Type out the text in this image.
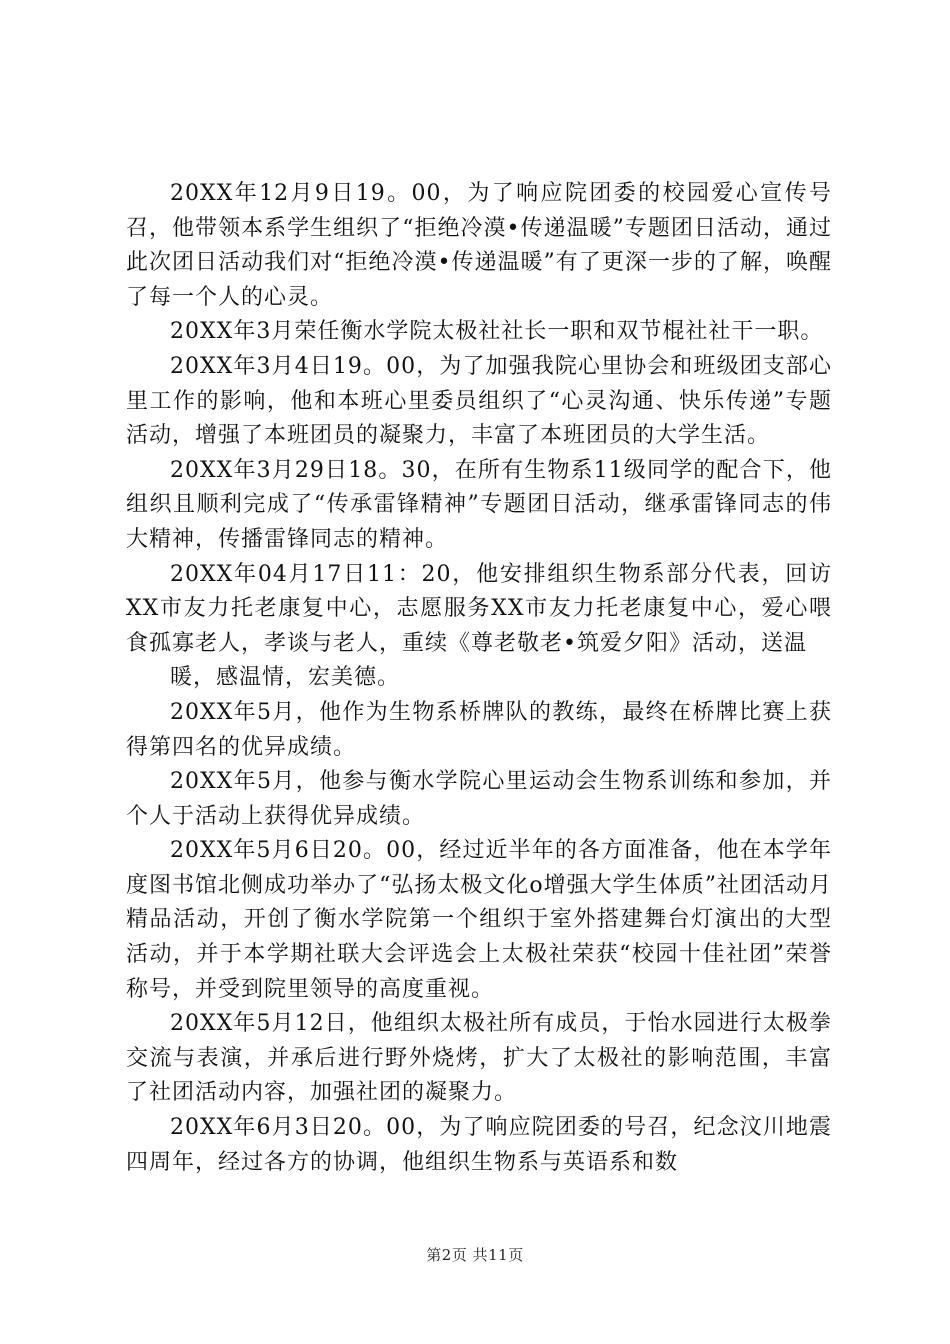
20XX年12月9日19。00，为了响应院团委的校园爱心宣传号召，他带领本系学生组织了“拒绝冷漠•传递温暖”专题团日活动，通过此次团日活动我们对“拒绝冷漠•传递温暖”有了更深一步的了解，唤醒了每一个人的心灵。

20XX年3月荣任衡水学院太极社社长一职和双节棍社社干一职。

20XX年3月4日19。00，为了加强我院心里协会和班级团支部心里工作的影响，他和本班心里委员组织了“心灵沟通、快乐传递”专题活动，增强了本班团员的凝聚力，丰富了本班团员的大学生活。

20XX年3月29日18。30，在所有生物系11级同学的配合下，他组织且顺利完成了“传承雷锋精神”专题团日活动，继承雷锋同志的伟大精神，传播雷锋同志的精神。

20XX年04月17日11：20，他安排组织生物系部分代表，回访XX市友力托老康复中心，志愿服务XX市友力托老康复中心，爱心喂食孤寡老人，孝谈与老人，重续《尊老敬老•筑爱夕阳》活动，送温

暖，感温情，宏美德。

20XX年5月，他作为生物系桥牌队的教练，最终在桥牌比赛上获得第四名的优异成绩。

20XX年5月，他参与衡水学院心里运动会生物系训练和参加，并个人于活动上获得优异成绩。

20XX年5月6日20。00，经过近半年的各方面准备，他在本学年度图书馆北侧成功举办了“弘扬太极文化o增强大学生体质”社团活动月精品活动，开创了衡水学院第一个组织于室外搭建舞台灯演出的大型活动，并于本学期社联大会评选会上太极社荣获“校园十佳社团”荣誉称号，并受到院里领导的高度重视。

20XX年5月12日，他组织太极社所有成员，于怡水园进行太极拳交流与表演，并承后进行野外烧烤，扩大了太极社的影响范围，丰富了社团活动内容，加强社团的凝聚力。

20XX年6月3日20。00，为了响应院团委的号召，纪念汶川地震四周年，经过各方的协调，他组织生物系与英语系和数

第2页 共11页
